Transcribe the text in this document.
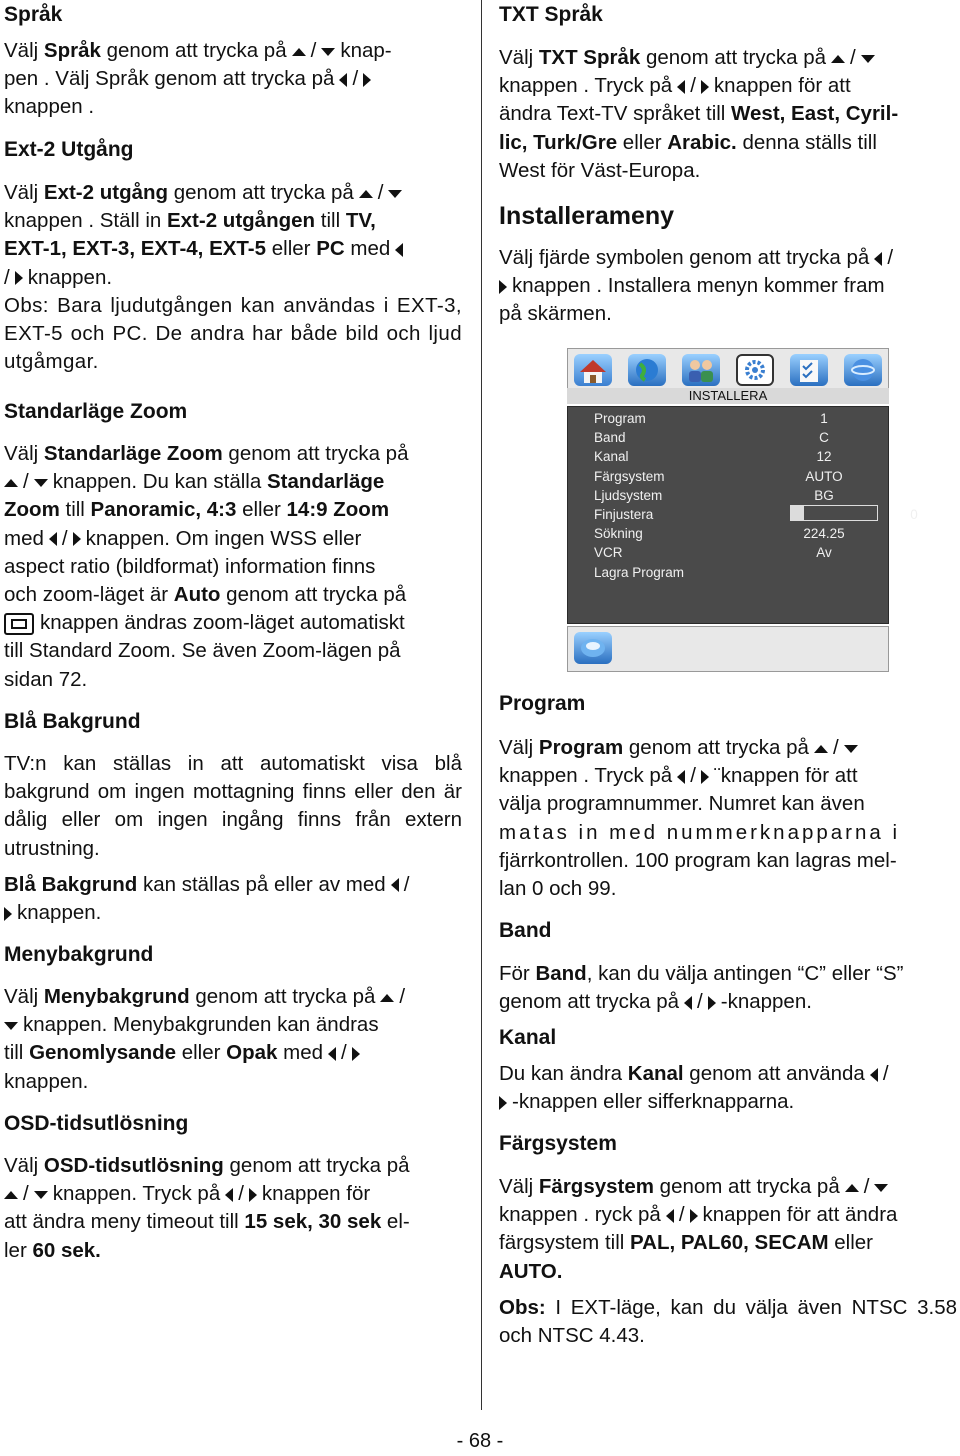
Språk

Välj Språk genom att trycka på / knap-

pen . Välj Språk genom att trycka på /

knappen .

Ext-2 Utgång

Välj Ext-2 utgång genom att trycka på /

knappen . Ställ in Ext-2 utgången till TV,

EXT-1, EXT-3, EXT-4, EXT-5 eller PC med

/ knappen.

Obs: Bara ljudutgången kan användas i EXT-3, EXT-5 och PC. De andra har både bild och ljud utgåmgar.

Standarläge Zoom

Välj Standarläge Zoom genom att trycka på

/ knappen. Du kan ställa Standarläge

Zoom till Panoramic, 4:3 eller 14:9 Zoom

med / knappen. Om ingen WSS eller

aspect ratio (bildformat) information finns

och zoom-läget är Auto genom att trycka på

knappen ändras zoom-läget automatiskt

till Standard Zoom. Se även Zoom-lägen på

sidan 72.

Blå Bakgrund

TV:n kan ställas in att automatiskt visa blå bakgrund om ingen mottagning finns eller den är dålig eller om ingen ingång finns från extern utrustning.

Blå Bakgrund kan ställas på eller av med /

knappen.

Menybakgrund

Välj Menybakgrund genom att trycka på /

knappen. Menybakgrunden kan ändras

till Genomlysande eller Opak med /

knappen.

OSD-tidsutlösning

Välj OSD-tidsutlösning genom att trycka på

/ knappen. Tryck på / knappen för

att ändra meny timeout till 15 sek, 30 sek el-

ler 60 sek.

TXT Språk

Välj TXT Språk genom att trycka på /

knappen . Tryck på / knappen för att

ändra Text-TV språket till West, East, Cyril-

lic, Turk/Gre eller Arabic. denna ställs till

West för Väst-Europa.

Installerameny

Välj fjärde symbolen genom att trycka på /

knappen . Installera menyn kommer fram

på skärmen.

Program

Välj Program genom att trycka på /

knappen . Tryck på / ¨knappen för att

välja programnummer. Numret kan även

matas in med nummerknapparna i

fjärrkontrollen. 100 program kan lagras mel-

lan 0 och 99.

Band

För Band, kan du välja antingen “C” eller “S”

genom att trycka på / -knappen.

Kanal

Du kan ändra Kanal genom att använda /

-knappen eller sifferknapparna.

Färgsystem

Välj Färgsystem genom att trycka på /

knappen . ryck på / knappen för att ändra

färgsystem till PAL, PAL60, SECAM eller

AUTO.

Obs: I EXT-läge, kan du välja även NTSC 3.58 och NTSC 4.43.

INSTALLERA
Program	1
Band	C
Kanal	12
Färgsystem	AUTO
Ljudsystem	BG
Finjustera	0
Sökning	224.25
VCR	Av
Lagra Program
- 68 -
